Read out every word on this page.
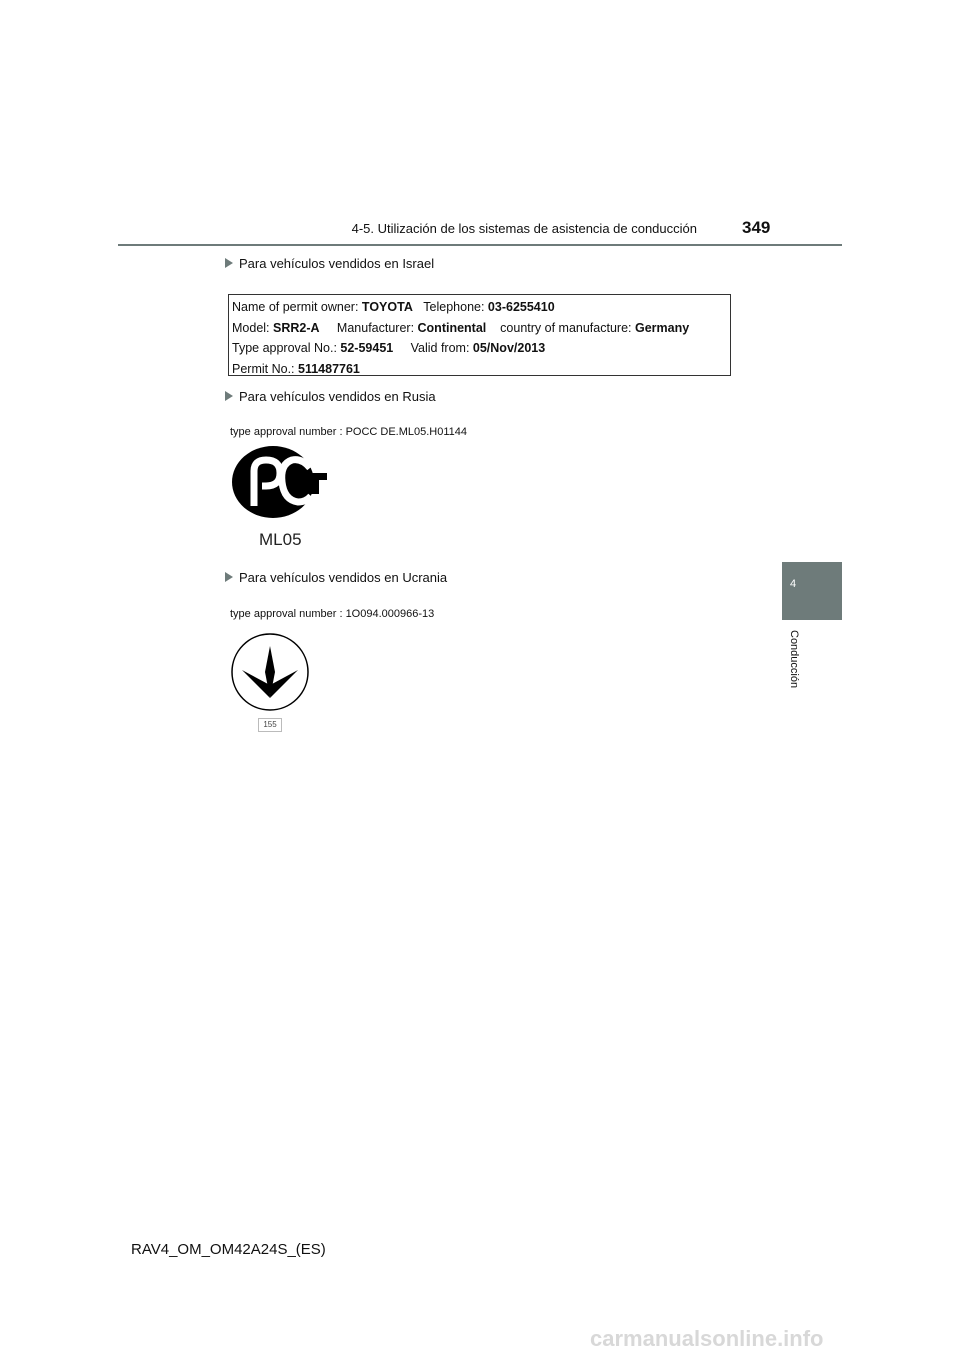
4-5. Utilización de los sistemas de asistencia de conducción	349
4
Conducción
Para vehículos vendidos en Israel
Name of permit owner: TOYOTA Telephone: 03-6255410
Model: SRR2-A Manufacturer: Continental country of manufacture: Germany
Type approval No.: 52-59451 Valid from: 05/Nov/2013
Permit No.: 511487761
Para vehículos vendidos en Rusia
type approval number : POCC DE.ML05.H01144
ML05
Para vehículos vendidos en Ucrania
type approval number : 1O094.000966-13
155
RAV4_OM_OM42A24S_(ES)
carmanualsonline.info
